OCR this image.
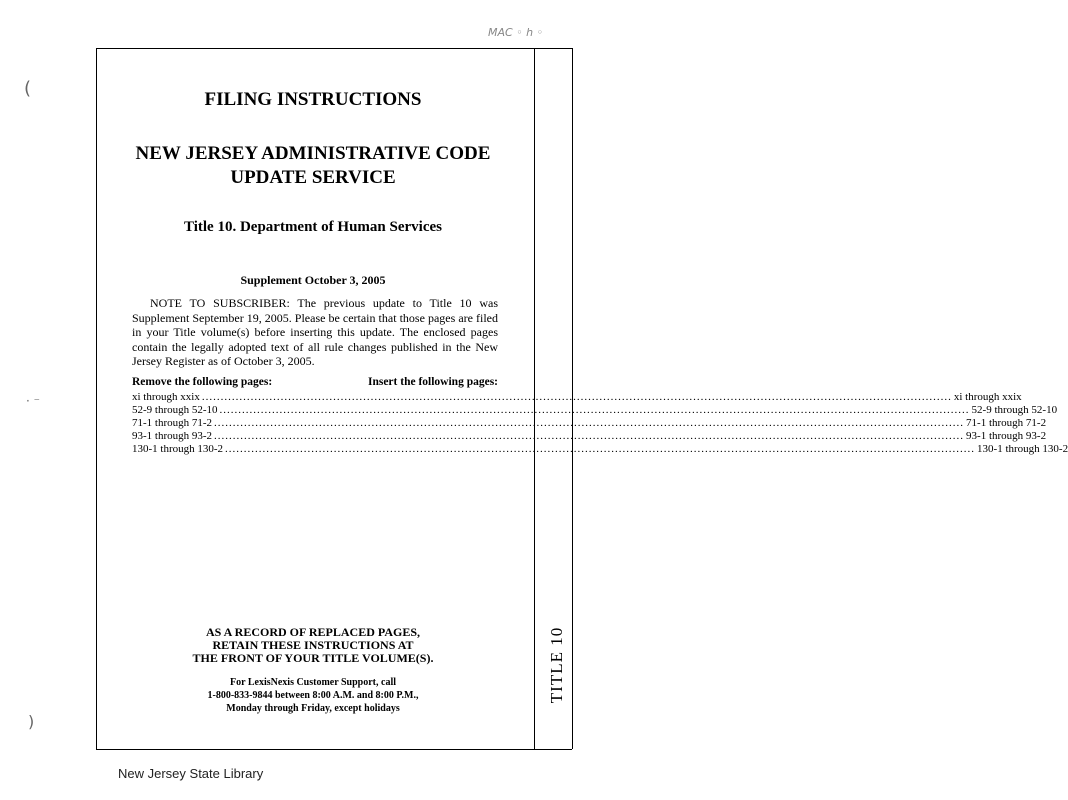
MAC ◦ h ◦
(
· ⁻
)
TITLE 10
FILING INSTRUCTIONS
NEW JERSEY ADMINISTRATIVE CODE
UPDATE SERVICE
Title 10. Department of Human Services
Supplement October 3, 2005
NOTE TO SUBSCRIBER: The previous update to Title 10 was Supplement September 19, 2005. Please be certain that those pages are filed in your Title volume(s) before inserting this update. The enclosed pages contain the legally adopted text of all rule changes published in the New Jersey Register as of October 3, 2005.
Remove the following pages:	Insert the following pages:
xi through xxix ........................................................................................................................................................................................................ xi through xxix
52-9 through 52-10 ........................................................................................................................................................................................................ 52-9 through 52-10
71-1 through 71-2 ........................................................................................................................................................................................................ 71-1 through 71-2
93-1 through 93-2 ........................................................................................................................................................................................................ 93-1 through 93-2
130-1 through 130-2 ........................................................................................................................................................................................................ 130-1 through 130-2
AS A RECORD OF REPLACED PAGES,
RETAIN THESE INSTRUCTIONS AT
THE FRONT OF YOUR TITLE VOLUME(S).
For LexisNexis Customer Support, call
1-800-833-9844 between 8:00 A.M. and 8:00 P.M.,
Monday through Friday, except holidays
New Jersey State Library
